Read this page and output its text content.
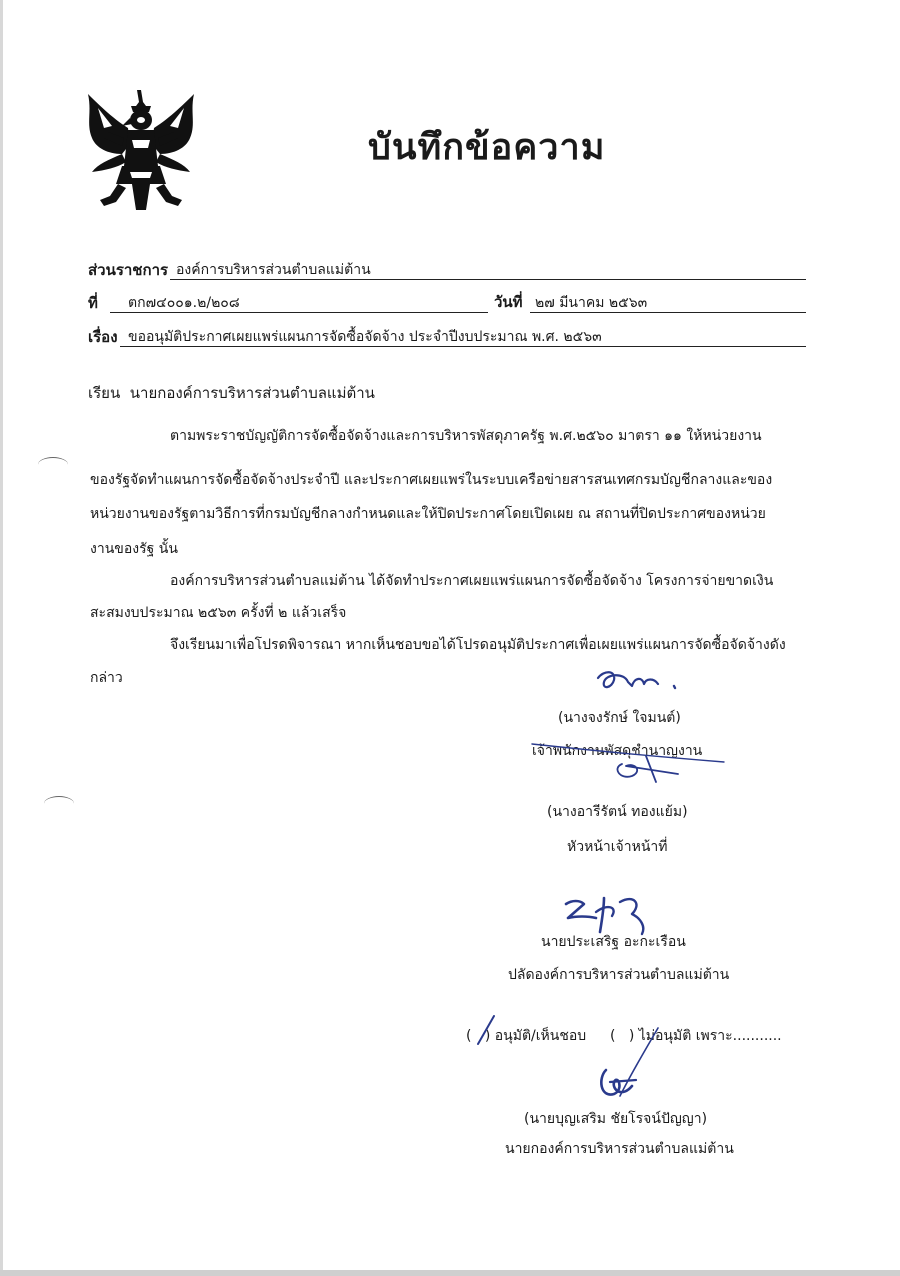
บันทึกข้อความ
ส่วนราชการ องค์การบริหารส่วนตำบลแม่ต้าน
ที่ ตก๗๔๐๐๑.๒/๒๐๘	วันที่ ๒๗ มีนาคม ๒๕๖๓
เรื่อง ขออนุมัติประกาศเผยแพร่แผนการจัดซื้อจัดจ้าง ประจำปีงบประมาณ พ.ศ. ๒๕๖๓
เรียน นายกองค์การบริหารส่วนตำบลแม่ต้าน
ตามพระราชบัญญัติการจัดซื้อจัดจ้างและการบริหารพัสดุภาครัฐ พ.ศ.๒๕๖๐ มาตรา ๑๑ ให้หน่วยงาน
ของรัฐจัดทำแผนการจัดซื้อจัดจ้างประจำปี และประกาศเผยแพร่ในระบบเครือข่ายสารสนเทศกรมบัญชีกลางและของ
หน่วยงานของรัฐตามวิธีการที่กรมบัญชีกลางกำหนดและให้ปิดประกาศโดยเปิดเผย ณ สถานที่ปิดประกาศของหน่วย
งานของรัฐ นั้น
องค์การบริหารส่วนตำบลแม่ต้าน ได้จัดทำประกาศเผยแพร่แผนการจัดซื้อจัดจ้าง โครงการจ่ายขาดเงิน
สะสมงบประมาณ ๒๕๖๓ ครั้งที่ ๒ แล้วเสร็จ
จึงเรียนมาเพื่อโปรดพิจารณา หากเห็นชอบขอได้โปรดอนุมัติประกาศเพื่อเผยแพร่แผนการจัดซื้อจัดจ้างดัง
กล่าว
(นางจงรักษ์ ใจมนต์)
เจ้าพนักงานพัสดุชำนาญงาน
(นางอารีรัตน์ ทองแย้ม)
หัวหน้าเจ้าหน้าที่
นายประเสริฐ อะกะเรือน
ปลัดองค์การบริหารส่วนตำบลแม่ต้าน
( ) อนุมัติ/เห็นชอบ ( ) ไม่อนุมัติ เพราะ...........
(นายบุญเสริม ชัยโรจน์ปัญญา)
นายกองค์การบริหารส่วนตำบลแม่ต้าน
